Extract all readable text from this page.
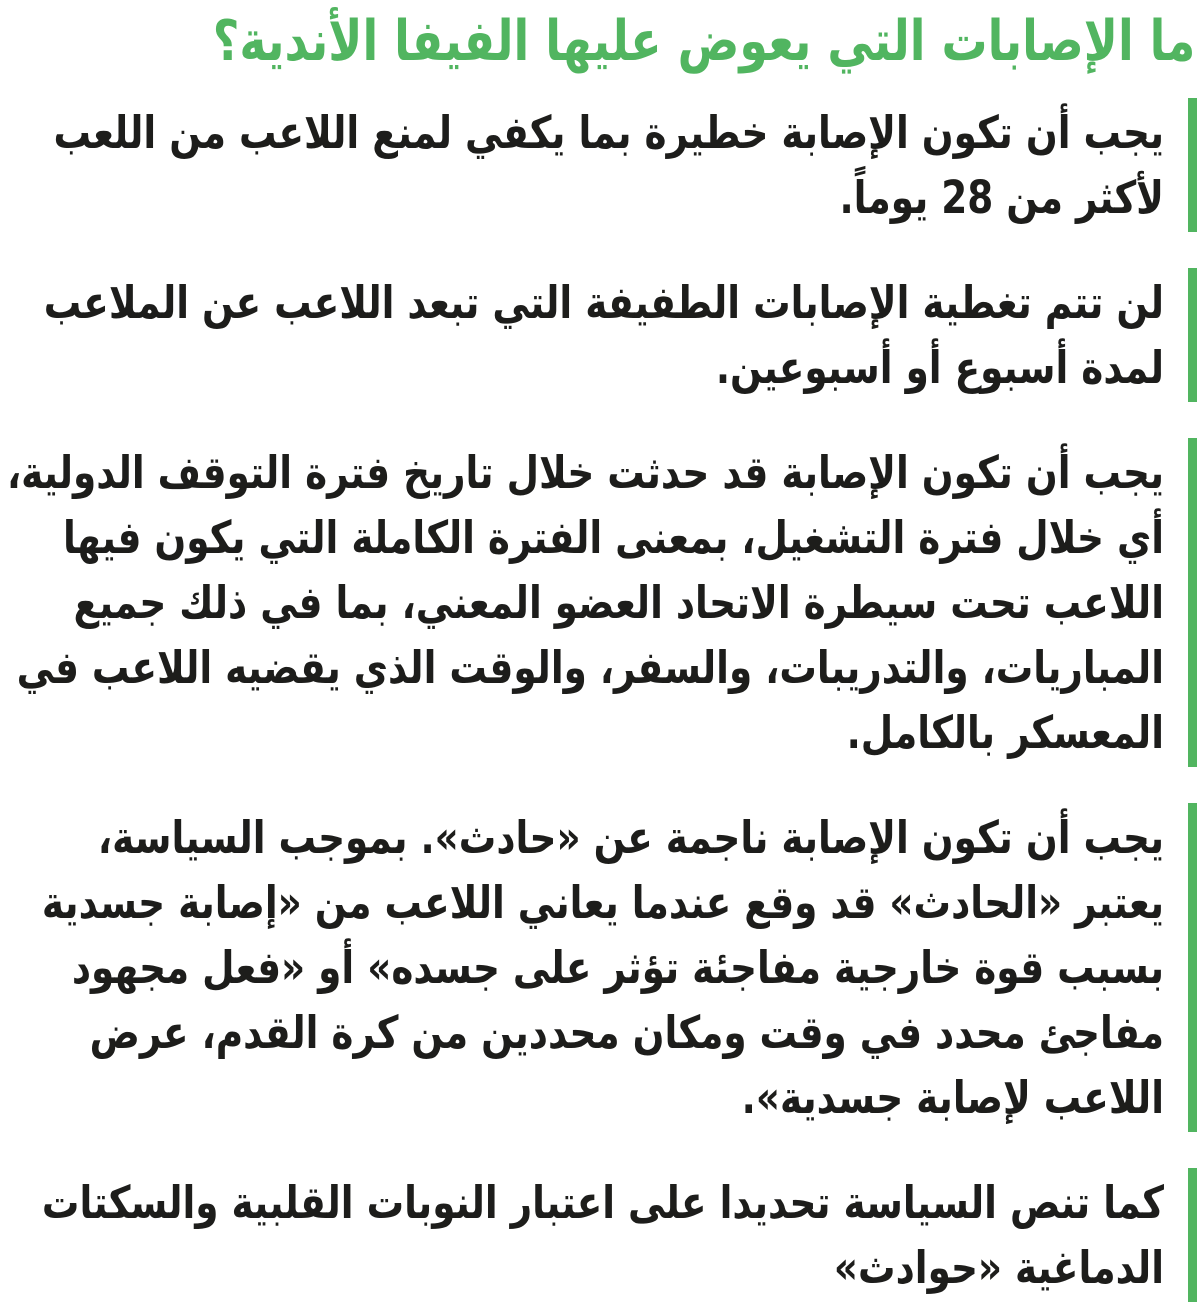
ما الإصابات التي يعوض عليها الفيفا الأندية؟
يجب أن تكون الإصابة خطيرة بما يكفي لمنع اللاعب من اللعب
لأكثر من 28 يوماً.
لن تتم تغطية الإصابات الطفيفة التي تبعد اللاعب عن الملاعب
لمدة أسبوع أو أسبوعين.
يجب أن تكون الإصابة قد حدثت خلال تاريخ فترة التوقف الدولية،
أي خلال فترة التشغيل، بمعنى الفترة الكاملة التي يكون فيها
اللاعب تحت سيطرة الاتحاد العضو المعني، بما في ذلك جميع
المباريات، والتدريبات، والسفر، والوقت الذي يقضيه اللاعب في
المعسكر بالكامل.
يجب أن تكون الإصابة ناجمة عن «حادث». بموجب السياسة،
يعتبر «الحادث» قد وقع عندما يعاني اللاعب من «إصابة جسدية
بسبب قوة خارجية مفاجئة تؤثر على جسده» أو «فعل مجهود
مفاجئ محدد في وقت ومكان محددين من كرة القدم، عرض
اللاعب لإصابة جسدية».
كما تنص السياسة تحديدا على اعتبار النوبات القلبية والسكتات
الدماغية «حوادث»
